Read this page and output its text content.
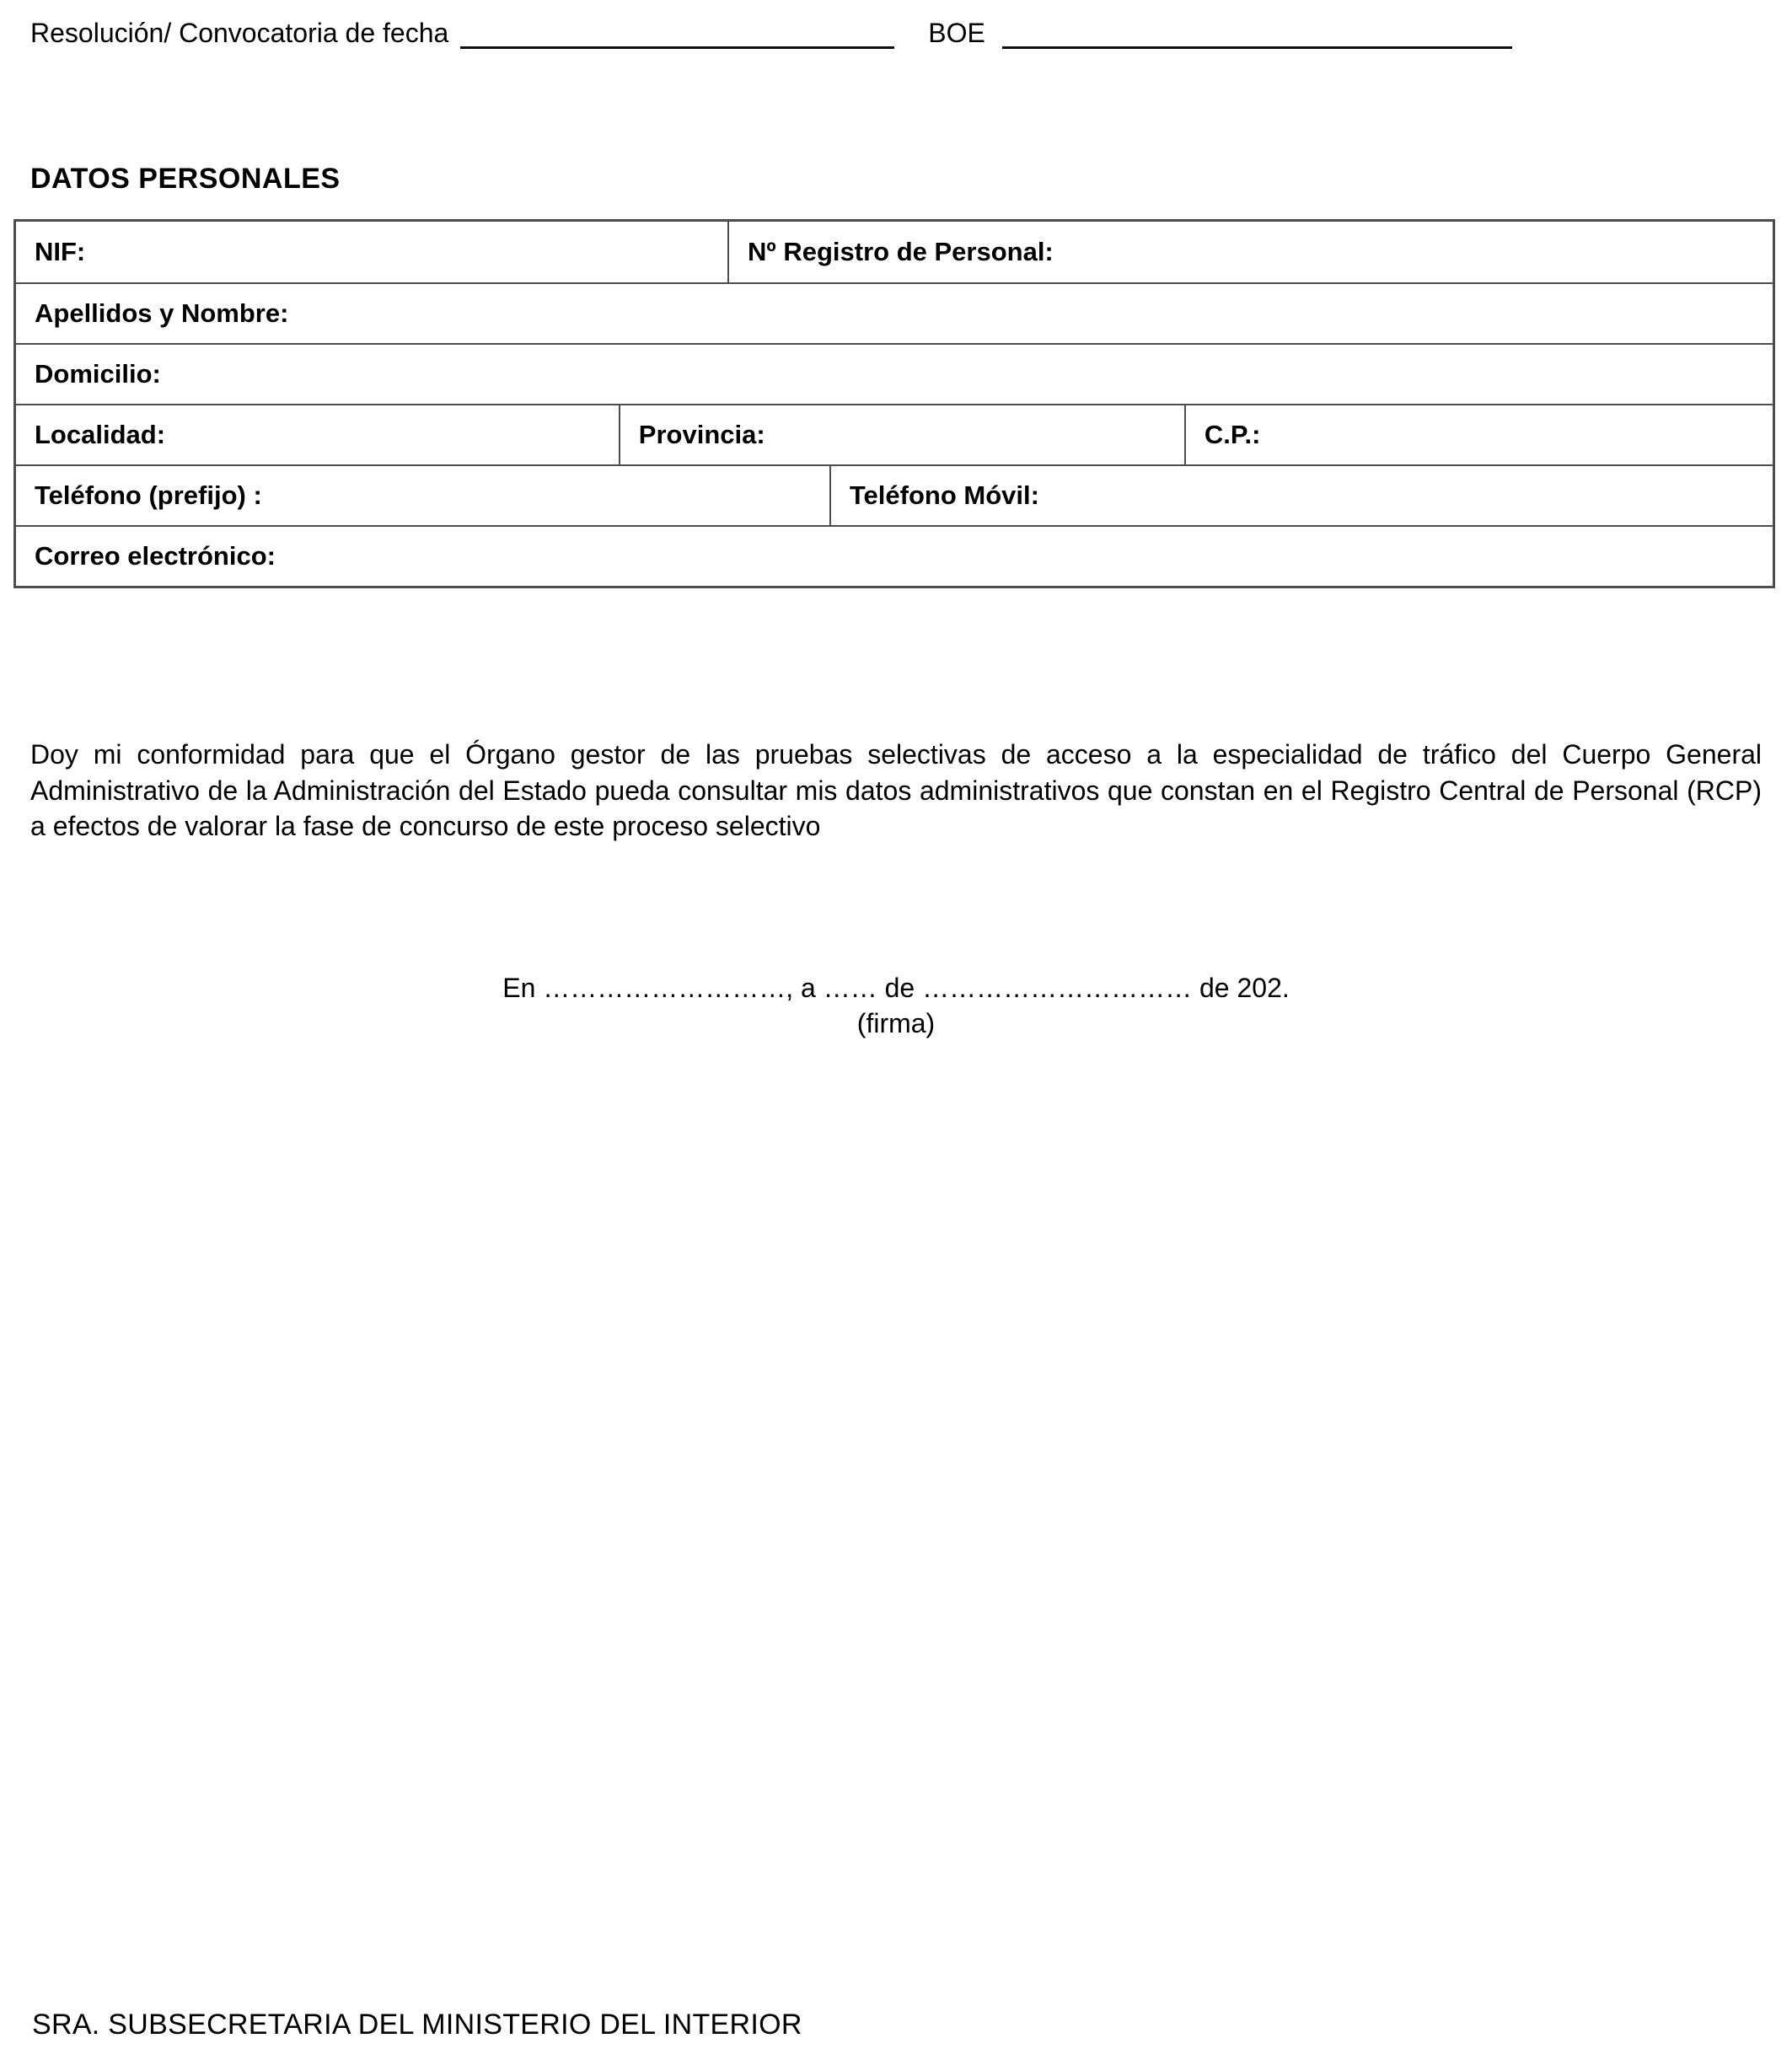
Resolución/ Convocatoria de fecha	BOE
DATOS PERSONALES
NIF:	Nº Registro de Personal:
Apellidos y Nombre:
Domicilio:
Localidad:	Provincia:	C.P.:
Teléfono (prefijo) :	Teléfono Móvil:
Correo electrónico:

Doy mi conformidad para que el Órgano gestor de las pruebas selectivas de acceso a la especialidad de tráfico del Cuerpo General Administrativo de la Administración del Estado pueda consultar mis datos administrativos que constan en el Registro Central de Personal (RCP) a efectos de valorar la fase de concurso de este proceso selectivo

En ………………………, a …… de ………………………… de 202.
(firma)
SRA. SUBSECRETARIA DEL MINISTERIO DEL INTERIOR
